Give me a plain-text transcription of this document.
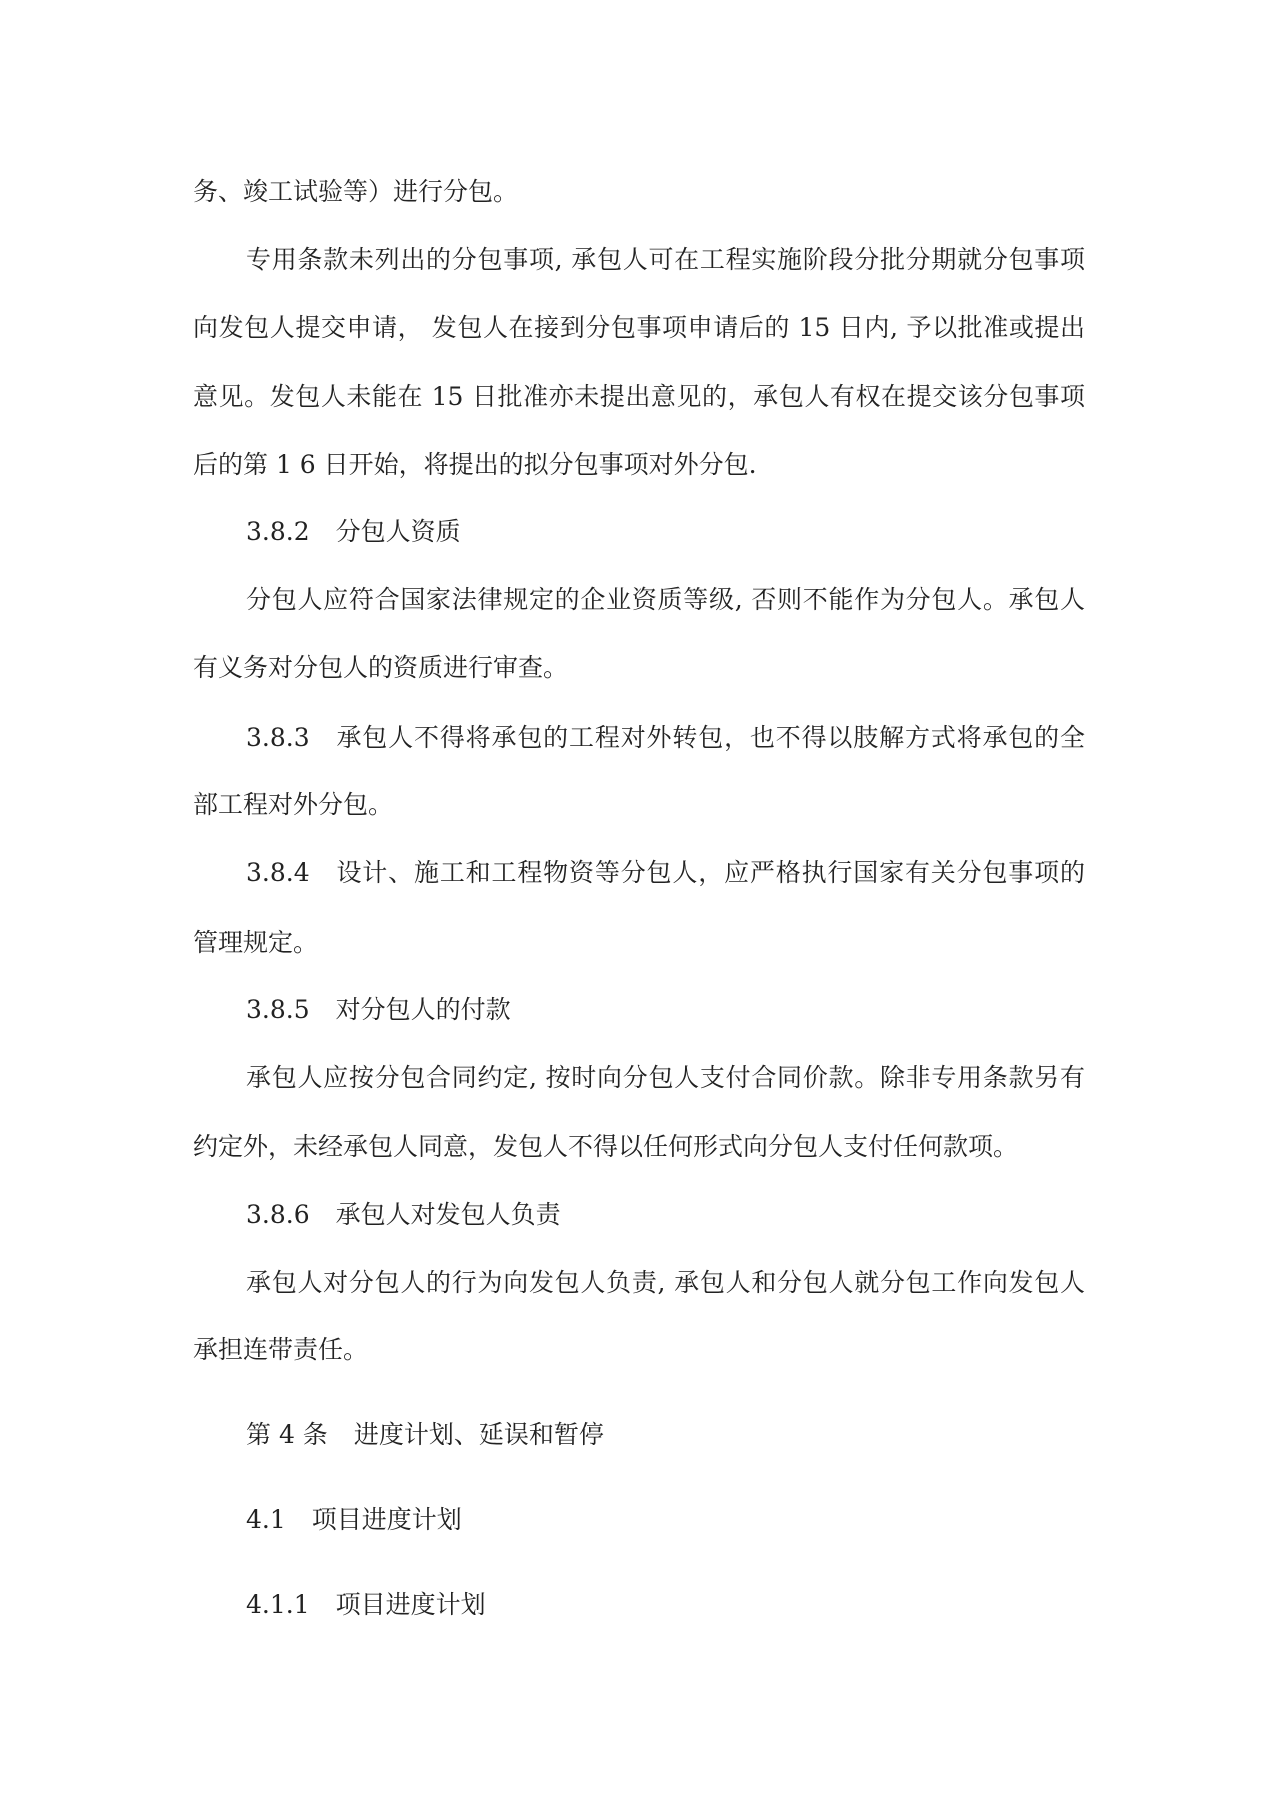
务、竣工试验等）进行分包。
专用条款未列出的分包事项, 承包人可在工程实施阶段分批分期就分包事项
向发包人提交申请， 发包人在接到分包事项申请后的 15 日内, 予以批准或提出
意见。发包人未能在 15 日批准亦未提出意见的，承包人有权在提交该分包事项
后的第 1 6 日开始，将提出的拟分包事项对外分包.
3.8.2 分包人资质
分包人应符合国家法律规定的企业资质等级, 否则不能作为分包人。承包人
有义务对分包人的资质进行审查。
3.8.3 承包人不得将承包的工程对外转包，也不得以肢解方式将承包的全
部工程对外分包。
3.8.4 设计、施工和工程物资等分包人，应严格执行国家有关分包事项的
管理规定。
3.8.5 对分包人的付款
承包人应按分包合同约定, 按时向分包人支付合同价款。除非专用条款另有
约定外，未经承包人同意，发包人不得以任何形式向分包人支付任何款项。
3.8.6 承包人对发包人负责
承包人对分包人的行为向发包人负责, 承包人和分包人就分包工作向发包人
承担连带责任。
第 4 条 进度计划、延误和暂停
4.1 项目进度计划
4.1.1 项目进度计划
